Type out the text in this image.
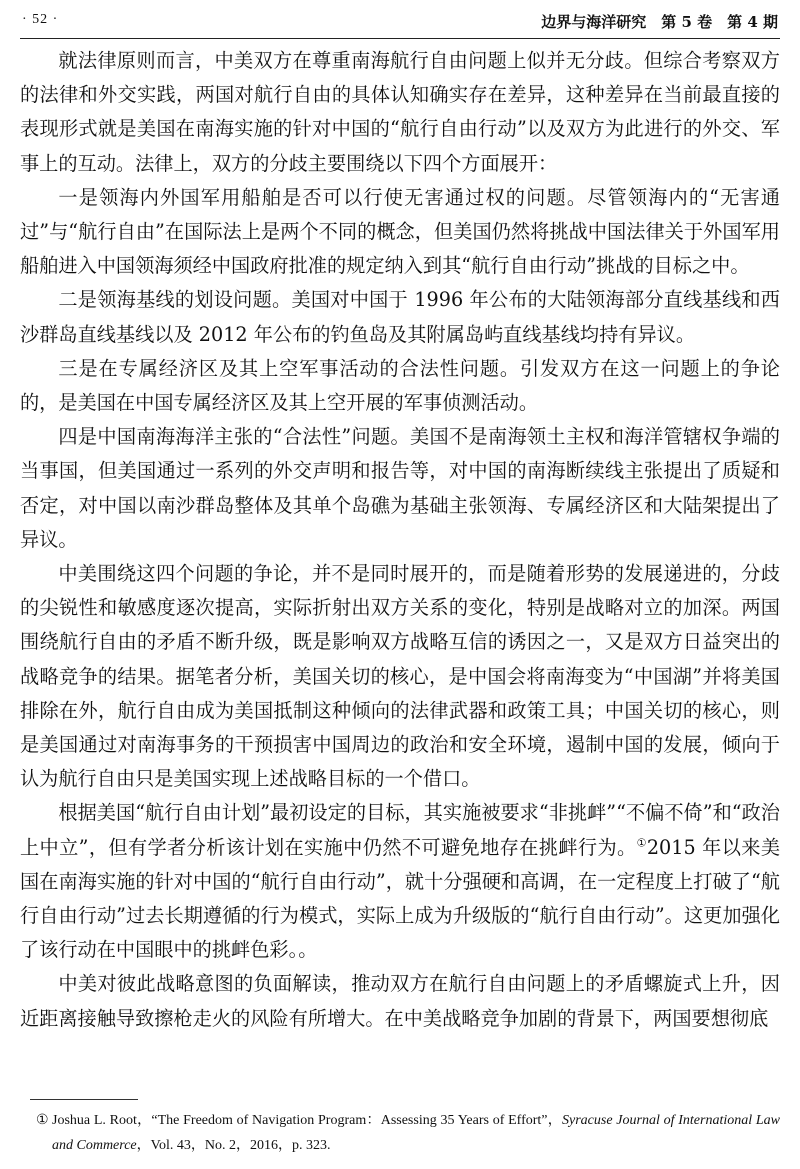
· 52 ·	边界与海洋研究　第 5 卷　第 4 期

就法律原则而言，中美双方在尊重南海航行自由问题上似并无分歧。但综合考察双方的法律和外交实践，两国对航行自由的具体认知确实存在差异，这种差异在当前最直接的表现形式就是美国在南海实施的针对中国的“航行自由行动”以及双方为此进行的外交、军事上的互动。法律上，双方的分歧主要围绕以下四个方面展开：

一是领海内外国军用船舶是否可以行使无害通过权的问题。尽管领海内的“无害通过”与“航行自由”在国际法上是两个不同的概念，但美国仍然将挑战中国法律关于外国军用船舶进入中国领海须经中国政府批准的规定纳入到其“航行自由行动”挑战的目标之中。

二是领海基线的划设问题。美国对中国于 1996 年公布的大陆领海部分直线基线和西沙群岛直线基线以及 2012 年公布的钓鱼岛及其附属岛屿直线基线均持有异议。

三是在专属经济区及其上空军事活动的合法性问题。引发双方在这一问题上的争论的，是美国在中国专属经济区及其上空开展的军事侦测活动。

四是中国南海海洋主张的“合法性”问题。美国不是南海领土主权和海洋管辖权争端的当事国，但美国通过一系列的外交声明和报告等，对中国的南海断续线主张提出了质疑和否定，对中国以南沙群岛整体及其单个岛礁为基础主张领海、专属经济区和大陆架提出了异议。

中美围绕这四个问题的争论，并不是同时展开的，而是随着形势的发展递进的，分歧的尖锐性和敏感度逐次提高，实际折射出双方关系的变化，特别是战略对立的加深。两国围绕航行自由的矛盾不断升级，既是影响双方战略互信的诱因之一，又是双方日益突出的战略竞争的结果。据笔者分析，美国关切的核心，是中国会将南海变为“中国湖”并将美国排除在外，航行自由成为美国抵制这种倾向的法律武器和政策工具；中国关切的核心，则是美国通过对南海事务的干预损害中国周边的政治和安全环境，遏制中国的发展，倾向于认为航行自由只是美国实现上述战略目标的一个借口。

根据美国“航行自由计划”最初设定的目标，其实施被要求“非挑衅”“不偏不倚”和“政治上中立”，但有学者分析该计划在实施中仍然不可避免地存在挑衅行为。①2015 年以来美国在南海实施的针对中国的“航行自由行动”，就十分强硬和高调，在一定程度上打破了“航行自由行动”过去长期遵循的行为模式，实际上成为升级版的“航行自由行动”。这更加强化了该行动在中国眼中的挑衅色彩。。

中美对彼此战略意图的负面解读，推动双方在航行自由问题上的矛盾螺旋式上升，因近距离接触导致擦枪走火的风险有所增大。在中美战略竞争加剧的背景下，两国要想彻底

① Joshua L. Root，“The Freedom of Navigation Program：Assessing 35 Years of Effort”，Syracuse Journal of International Law and Commerce，Vol. 43，No. 2，2016，p. 323.
